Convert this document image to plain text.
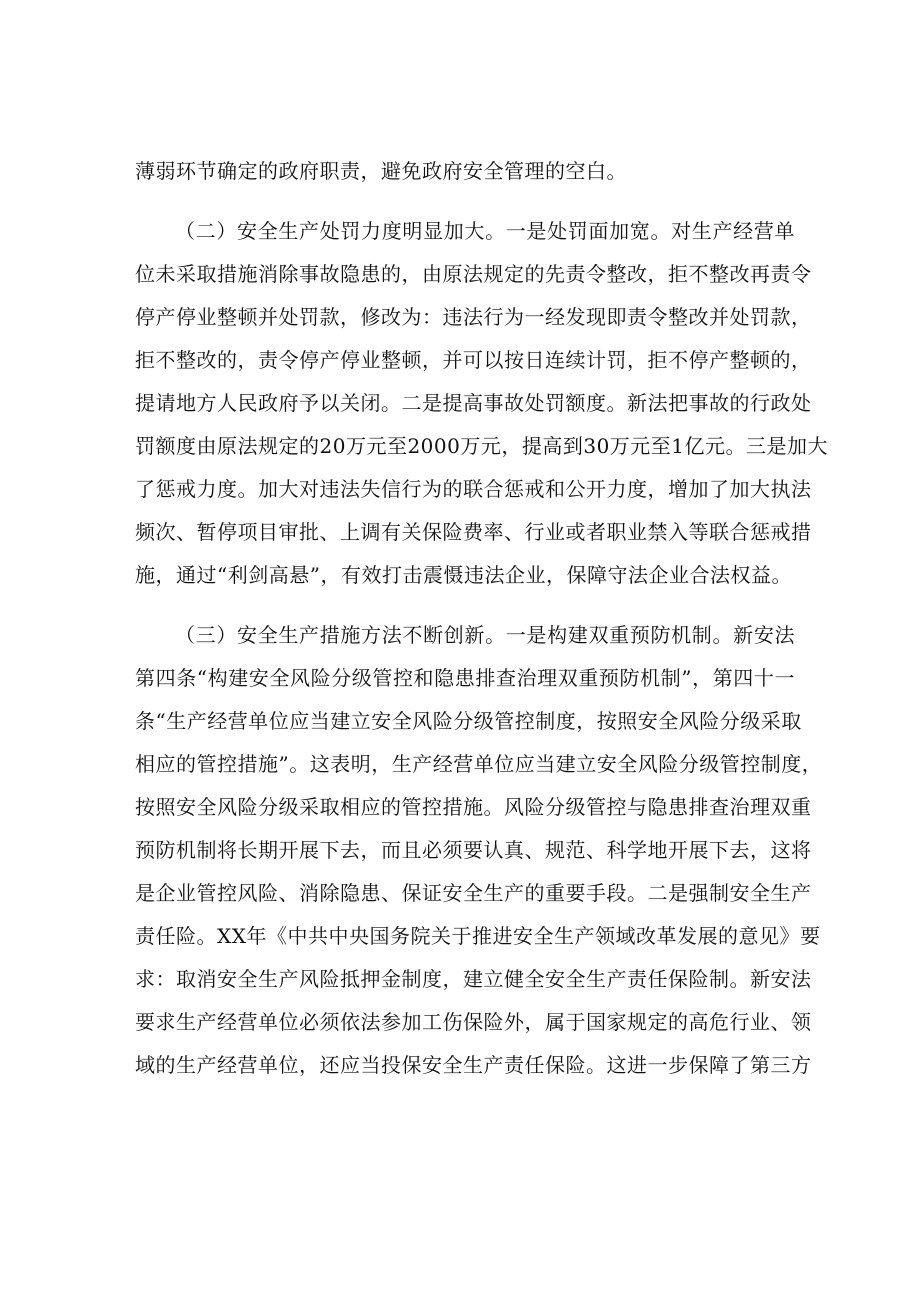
薄弱环节确定的政府职责，避免政府安全管理的空白。
（二）安全生产处罚力度明显加大。一是处罚面加宽。对生产经营单
位未采取措施消除事故隐患的，由原法规定的先责令整改，拒不整改再责令
停产停业整顿并处罚款，修改为：违法行为一经发现即责令整改并处罚款，
拒不整改的，责令停产停业整顿，并可以按日连续计罚，拒不停产整顿的，
提请地方人民政府予以关闭。二是提高事故处罚额度。新法把事故的行政处
罚额度由原法规定的20万元至2000万元，提高到30万元至1亿元。三是加大
了惩戒力度。加大对违法失信行为的联合惩戒和公开力度，增加了加大执法
频次、暂停项目审批、上调有关保险费率、行业或者职业禁入等联合惩戒措
施，通过“利剑高悬”，有效打击震慑违法企业，保障守法企业合法权益。
（三）安全生产措施方法不断创新。一是构建双重预防机制。新安法
第四条“构建安全风险分级管控和隐患排查治理双重预防机制”，第四十一
条“生产经营单位应当建立安全风险分级管控制度，按照安全风险分级采取
相应的管控措施”。这表明，生产经营单位应当建立安全风险分级管控制度，
按照安全风险分级采取相应的管控措施。风险分级管控与隐患排查治理双重
预防机制将长期开展下去，而且必须要认真、规范、科学地开展下去，这将
是企业管控风险、消除隐患、保证安全生产的重要手段。二是强制安全生产
责任险。XX年《中共中央国务院关于推进安全生产领域改革发展的意见》要
求：取消安全生产风险抵押金制度，建立健全安全生产责任保险制。新安法
要求生产经营单位必须依法参加工伤保险外，属于国家规定的高危行业、领
域的生产经营单位，还应当投保安全生产责任保险。这进一步保障了第三方
